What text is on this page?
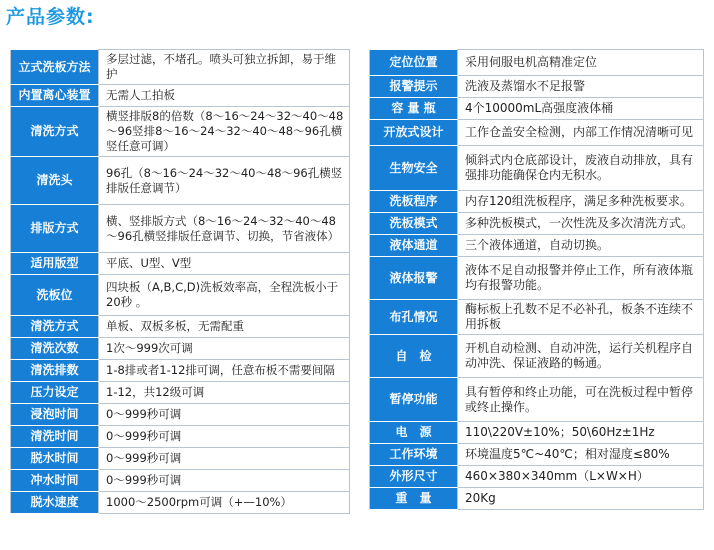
产品参数:
立式洗板方法	多层过滤，不堵孔。喷头可独立拆卸，易于维护
内置离心装置	无需人工拍板
清洗方式	横竖排版8的倍数（8～16～24～32～40～48～96竖排8～16～24～32～40～48～96孔横竖任意可调）
清洗头	96孔（8～16～24～32～40～48～96孔横竖排版任意调节）
排版方式	横、竖排版方式（8～16～24～32～40～48～96孔横竖排版任意调节、切换，节省液体）
适用版型	平底、U型、V型
洗板位	四块板（A,B,C,D)洗板效率高，全程洗板小于20秒 。
清洗方式	单板、双板多板，无需配重
清洗次数	1次～999次可调
清洗排数	1-8排或者1-12排可调，任意布板不需要间隔
压力设定	1-12，共12级可调
浸泡时间	0～999秒可调
清洗时间	0～999秒可调
脱水时间	0～999秒可调
冲水时间	0～999秒可调
脱水速度	1000～2500rpm可调（+—10%）
定位位置	采用伺服电机高精准定位
报警提示	洗液及蒸馏水不足报警
容 量 瓶	4个10000mL高强度液体桶
开放式设计	工作仓盖安全检测，内部工作情况清晰可见
生物安全	倾斜式内仓底部设计，废液自动排放，具有强排功能确保仓内无积水。
洗板程序	内存120组洗板程序，满足多种洗板要求。
洗板模式	多种洗板模式，一次性洗及多次清洗方式。
液体通道	三个液体通道，自动切换。
液体报警	液体不足自动报警并停止工作，所有液体瓶均有报警功能。
布孔情况	酶标板上孔数不足不必补孔，板条不连续不用拆板
自　检	开机自动检测、自动冲洗，运行关机程序自动冲洗、保证液路的畅通。
暂停功能	具有暂停和终止功能，可在洗板过程中暂停或终止操作。
电　源	110\220V±10%；50\60Hz±1Hz
工作环境	环境温度5℃~40℃；相对湿度≤80%
外形尺寸	460×380×340mm（L×W×H）
重　量	20Kg
